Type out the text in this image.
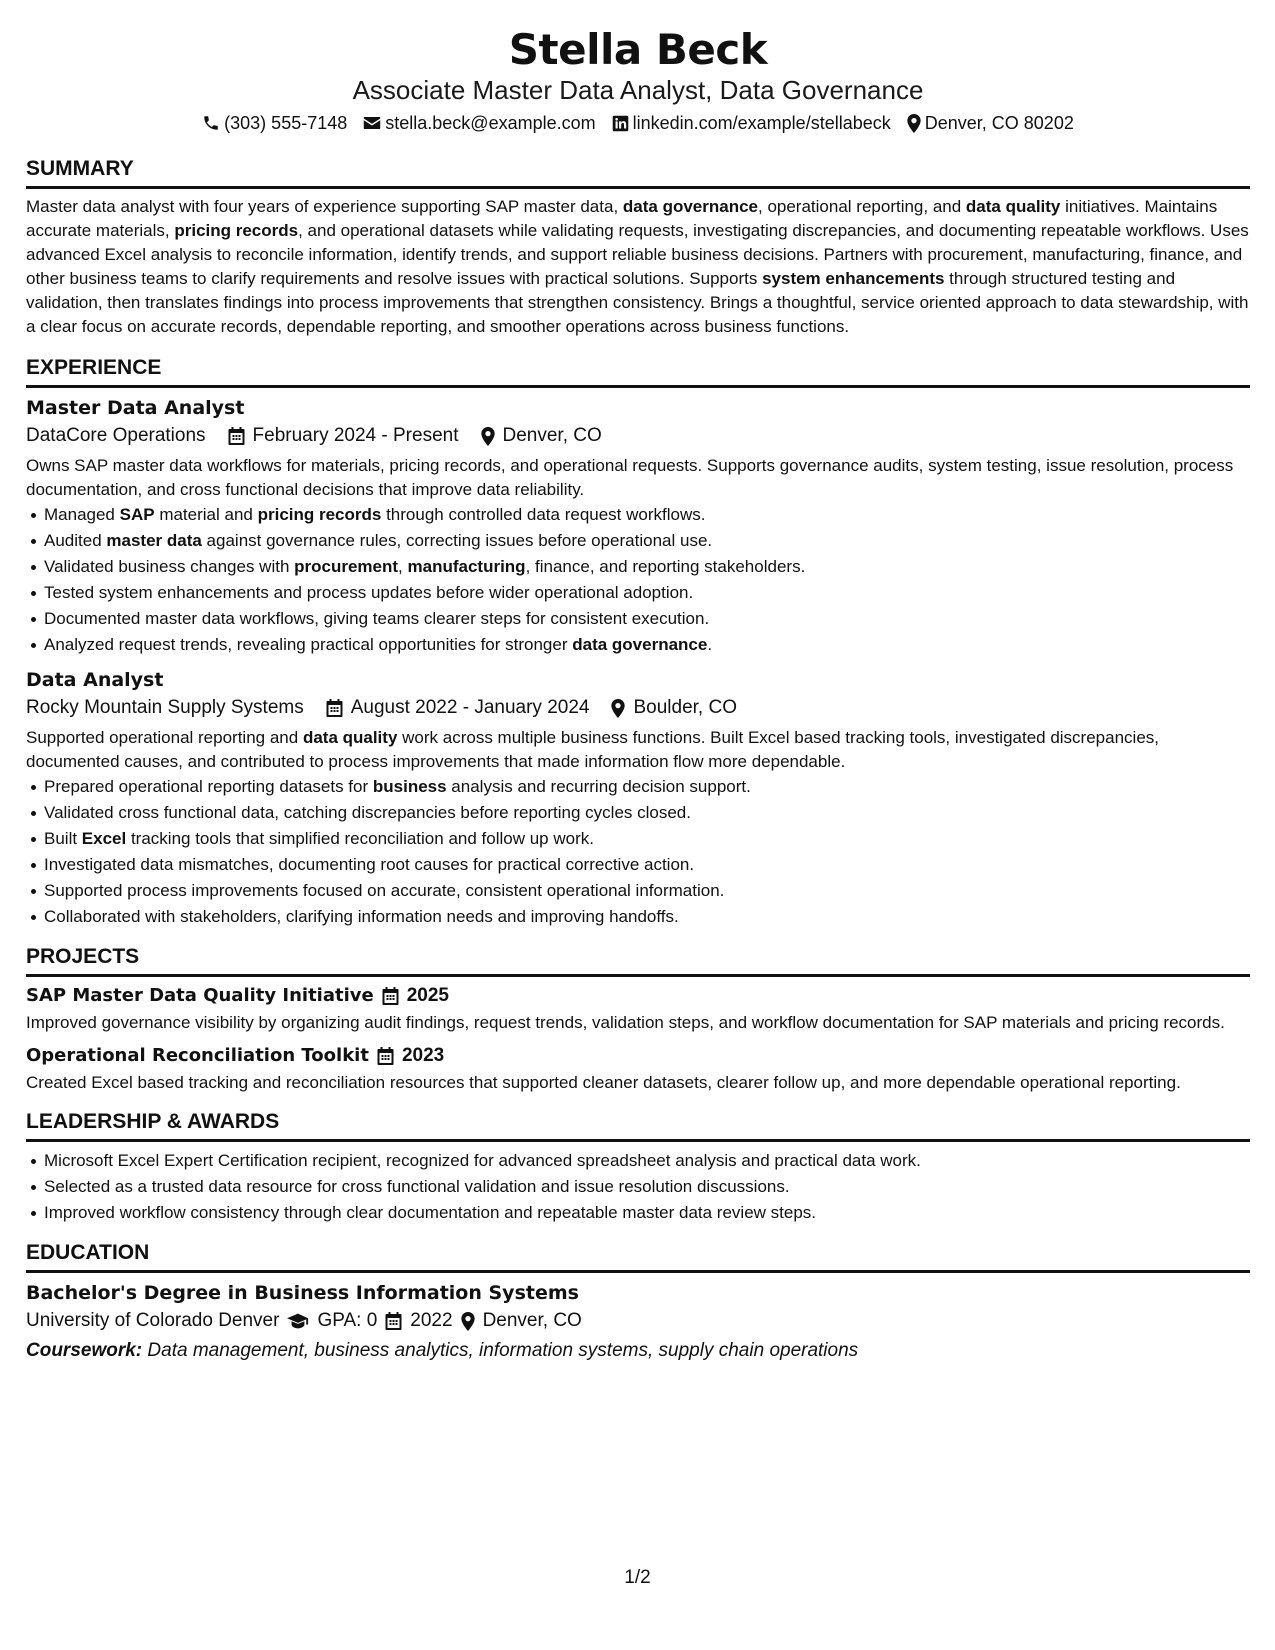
Stella Beck
Associate Master Data Analyst, Data Governance
(303) 555-7148 stella.beck@example.com linkedin.com/example/stellabeck Denver, CO 80202
SUMMARY

Master data analyst with four years of experience supporting SAP master data, data governance, operational reporting, and data quality initiatives. Maintains accurate materials, pricing records, and operational datasets while validating requests, investigating discrepancies, and documenting repeatable workflows. Uses advanced Excel analysis to reconcile information, identify trends, and support reliable business decisions. Partners with procurement, manufacturing, finance, and other business teams to clarify requirements and resolve issues with practical solutions. Supports system enhancements through structured testing and validation, then translates findings into process improvements that strengthen consistency. Brings a thoughtful, service oriented approach to data stewardship, with a clear focus on accurate records, dependable reporting, and smoother operations across business functions.

EXPERIENCE
Master Data Analyst
DataCore Operations February 2024 - Present Denver, CO

Owns SAP master data workflows for materials, pricing records, and operational requests. Supports governance audits, system testing, issue resolution, process documentation, and cross functional decisions that improve data reliability.

Managed SAP material and pricing records through controlled data request workflows.
Audited master data against governance rules, correcting issues before operational use.
Validated business changes with procurement, manufacturing, finance, and reporting stakeholders.
Tested system enhancements and process updates before wider operational adoption.
Documented master data workflows, giving teams clearer steps for consistent execution.
Analyzed request trends, revealing practical opportunities for stronger data governance.
Data Analyst
Rocky Mountain Supply Systems August 2022 - January 2024 Boulder, CO

Supported operational reporting and data quality work across multiple business functions. Built Excel based tracking tools, investigated discrepancies, documented causes, and contributed to process improvements that made information flow more dependable.

Prepared operational reporting datasets for business analysis and recurring decision support.
Validated cross functional data, catching discrepancies before reporting cycles closed.
Built Excel tracking tools that simplified reconciliation and follow up work.
Investigated data mismatches, documenting root causes for practical corrective action.
Supported process improvements focused on accurate, consistent operational information.
Collaborated with stakeholders, clarifying information needs and improving handoffs.
PROJECTS
SAP Master Data Quality Initiative 2025

Improved governance visibility by organizing audit findings, request trends, validation steps, and workflow documentation for SAP materials and pricing records.

Operational Reconciliation Toolkit 2023

Created Excel based tracking and reconciliation resources that supported cleaner datasets, clearer follow up, and more dependable operational reporting.

LEADERSHIP & AWARDS
Microsoft Excel Expert Certification recipient, recognized for advanced spreadsheet analysis and practical data work.
Selected as a trusted data resource for cross functional validation and issue resolution discussions.
Improved workflow consistency through clear documentation and repeatable master data review steps.
EDUCATION
Bachelor's Degree in Business Information Systems
University of Colorado Denver GPA: 0 2022 Denver, CO
Coursework: Data management, business analytics, information systems, supply chain operations
1/2
